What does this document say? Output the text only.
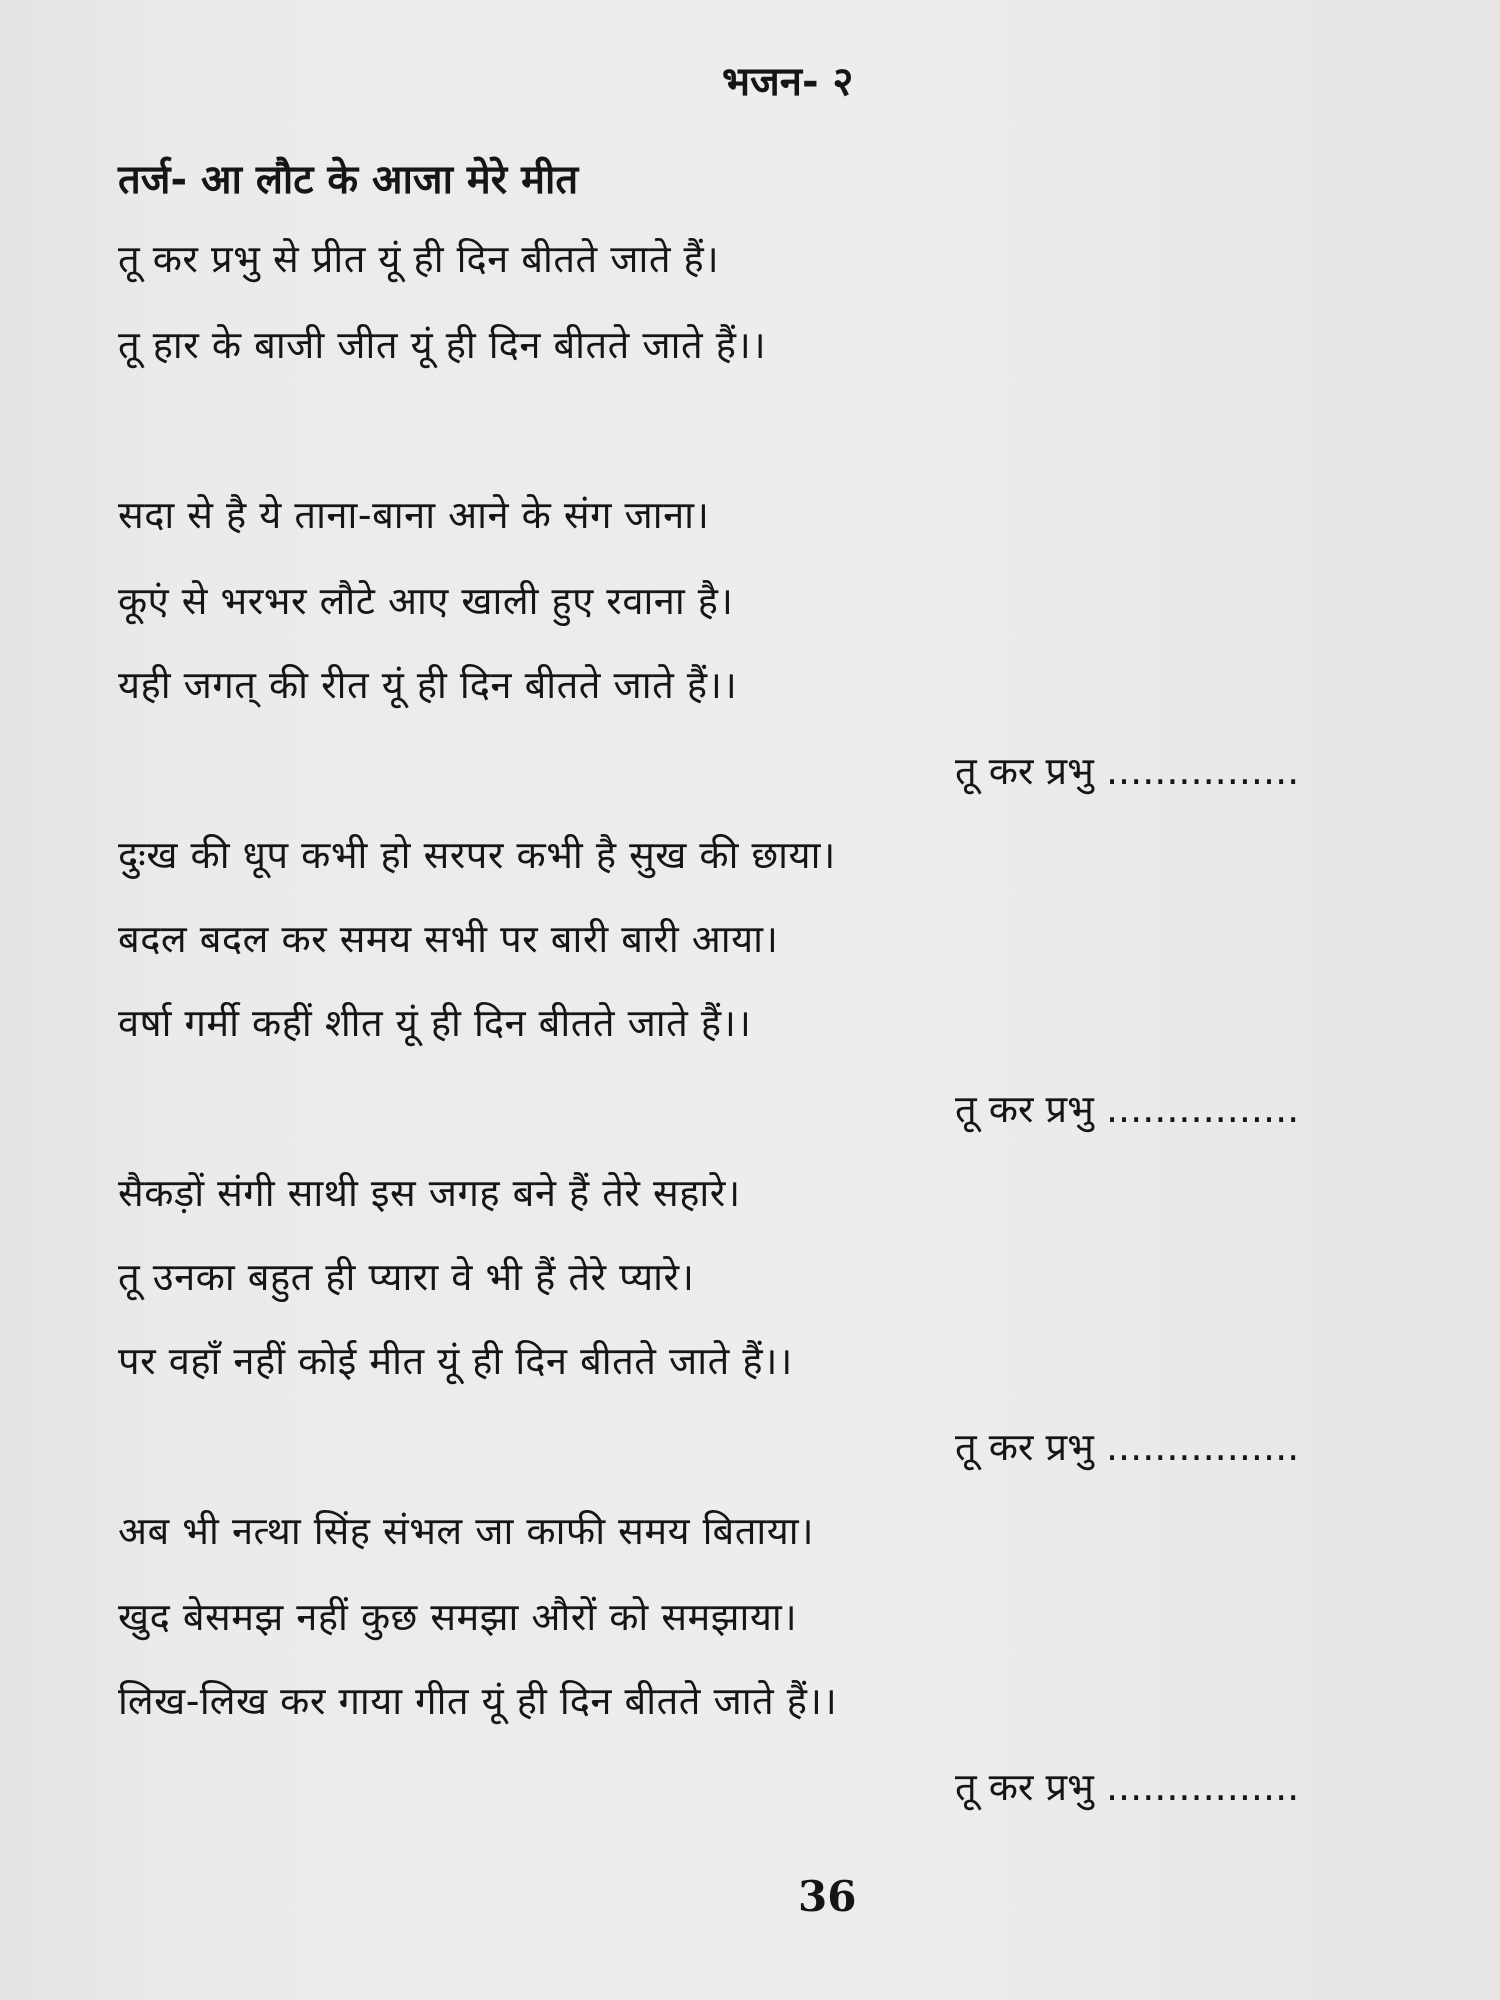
भजन- २
तर्ज- आ लौट के आजा मेरे मीत
तू कर प्रभु से प्रीत यूं ही दिन बीतते जाते हैं।
तू हार के बाजी जीत यूं ही दिन बीतते जाते हैं।।
सदा से है ये ताना-बाना आने के संग जाना।
कूएं से भरभर लौटे आए खाली हुए रवाना है।
यही जगत् की रीत यूं ही दिन बीतते जाते हैं।।
तू कर प्रभु ................
दुःख की धूप कभी हो सरपर कभी है सुख की छाया।
बदल बदल कर समय सभी पर बारी बारी आया।
वर्षा गर्मी कहीं शीत यूं ही दिन बीतते जाते हैं।।
तू कर प्रभु ................
सैकड़ों संगी साथी इस जगह बने हैं तेरे सहारे।
तू उनका बहुत ही प्यारा वे भी हैं तेरे प्यारे।
पर वहाँ नहीं कोई मीत यूं ही दिन बीतते जाते हैं।।
तू कर प्रभु ................
अब भी नत्था सिंह संभल जा काफी समय बिताया।
खुद बेसमझ नहीं कुछ समझा औरों को समझाया।
लिख-लिख कर गाया गीत यूं ही दिन बीतते जाते हैं।।
तू कर प्रभु ................
36
